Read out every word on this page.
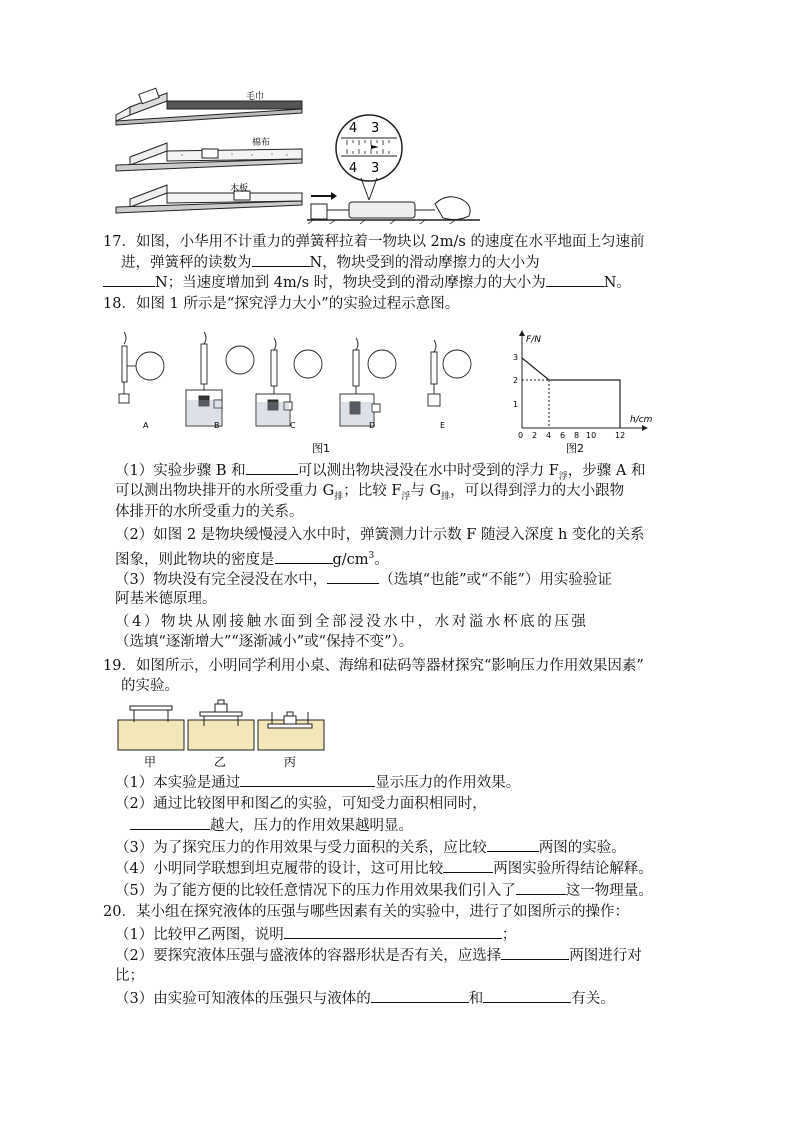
毛巾
棉布
木板
4 3
4 3
17．如图，小华用不计重力的弹簧秤拉着一物块以 2m/s 的速度在水平地面上匀速前
进，弹簧秤的读数为	N，物块受到的滑动摩擦力的大小为
N；当速度增加到 4m/s 时，物块受到的滑动摩擦力的大小为	N。
18．如图 1 所示是“探究浮力大小”的实验过程示意图。
A	B	C	D	E
图1
F/N
h/cm
1
2
3
0 2 4 6 8 10 12
图2
（1）实验步骤 B 和	可以测出物块浸没在水中时受到的浮力 $F_浮$，步骤 A 和
可以测出物块排开的水所受重力 $G_排$；比较 $F_浮$与 $G_排$，可以得到浮力的大小跟物
体排开的水所受重力的关系。
（2）如图 2 是物块缓慢浸入水中时，弹簧测力计示数 F 随浸入深度 h 变化的关系
图象，则此物块的密度是	$g/cm^3$。
（3）物块没有完全浸没在水中，	（选填“也能”或“不能”）用实验验证
阿基米德原理。
（4）物块从刚接触水面到全部浸没水中，水对溢水杯底的压强
（选填“逐渐增大”“逐渐减小”或“保持不变”）。
19．如图所示，小明同学利用小桌、海绵和砝码等器材探究“影响压力作用效果因素”
的实验。
甲	乙	丙
（1）本实验是通过	显示压力的作用效果。
（2）通过比较图甲和图乙的实验，可知受力面积相同时，
越大，压力的作用效果越明显。
（3）为了探究压力的作用效果与受力面积的关系，应比较	两图的实验。
（4）小明同学联想到坦克履带的设计，这可用比较	两图实验所得结论解释。
（5）为了能方便的比较任意情况下的压力作用效果我们引入了	这一物理量。
20．某小组在探究液体的压强与哪些因素有关的实验中，进行了如图所示的操作：
（1）比较甲乙两图，说明	；
（2）要探究液体压强与盛液体的容器形状是否有关，应选择	两图进行对
比；
（3）由实验可知液体的压强只与液体的	和	有关。
